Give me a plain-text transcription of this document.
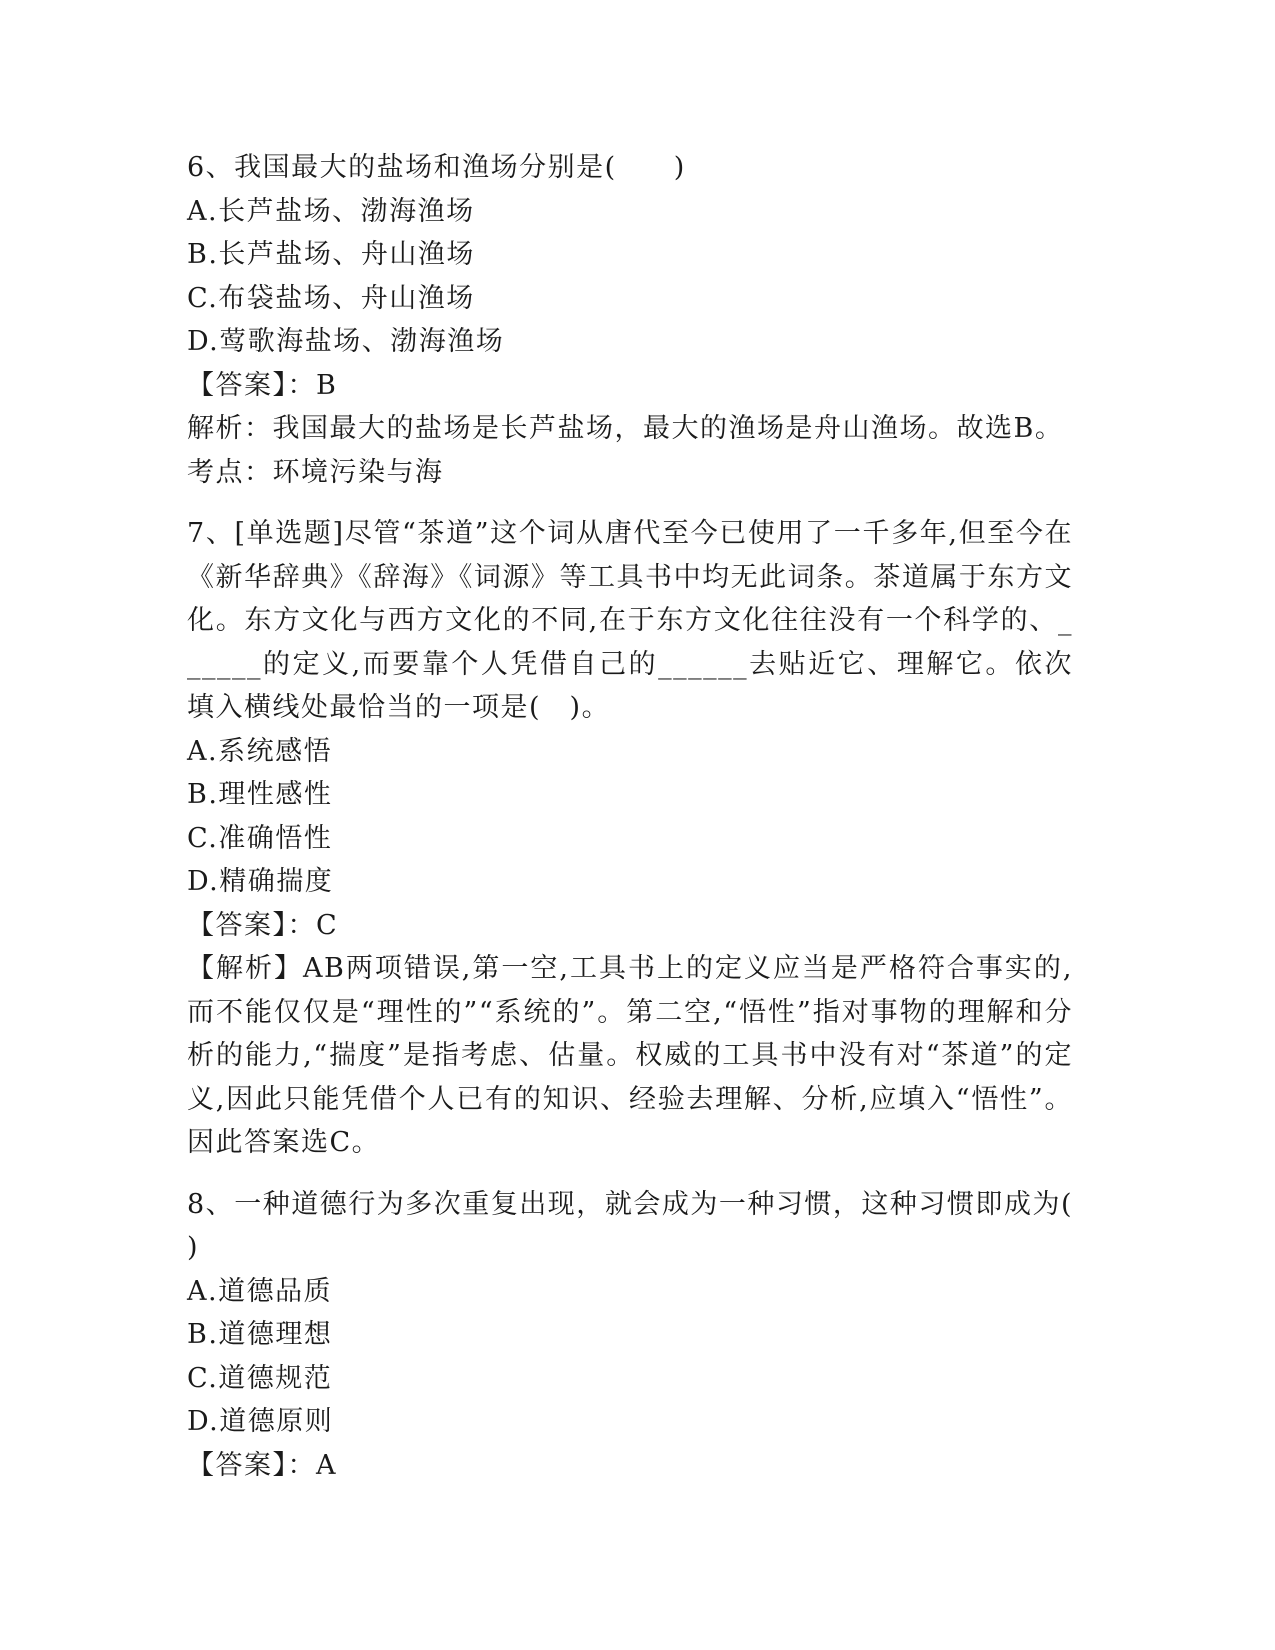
6、我国最大的盐场和渔场分别是(　　)

A.长芦盐场、渤海渔场

B.长芦盐场、舟山渔场

C.布袋盐场、舟山渔场

D.莺歌海盐场、渤海渔场

【答案】：B

解析：我国最大的盐场是长芦盐场，最大的渔场是舟山渔场。故选B。

考点：环境污染与海

7、[单选题]尽管“茶道”这个词从唐代至今已使用了一千多年,但至今在《新华辞典》《辞海》《词源》等工具书中均无此词条。茶道属于东方文化。东方文化与西方文化的不同,在于东方文化往往没有一个科学的、______的定义,而要靠个人凭借自己的______去贴近它、理解它。依次填入横线处最恰当的一项是(　)。

A.系统感悟

B.理性感性

C.准确悟性

D.精确揣度

【答案】：C

【解析】AB两项错误,第一空,工具书上的定义应当是严格符合事实的,而不能仅仅是“理性的”“系统的”。第二空,“悟性”指对事物的理解和分析的能力,“揣度”是指考虑、估量。权威的工具书中没有对“茶道”的定义,因此只能凭借个人已有的知识、经验去理解、分析,应填入“悟性”。因此答案选C。

8、一种道德行为多次重复出现，就会成为一种习惯，这种习惯即成为(　　)

A.道德品质

B.道德理想

C.道德规范

D.道德原则

【答案】：A
